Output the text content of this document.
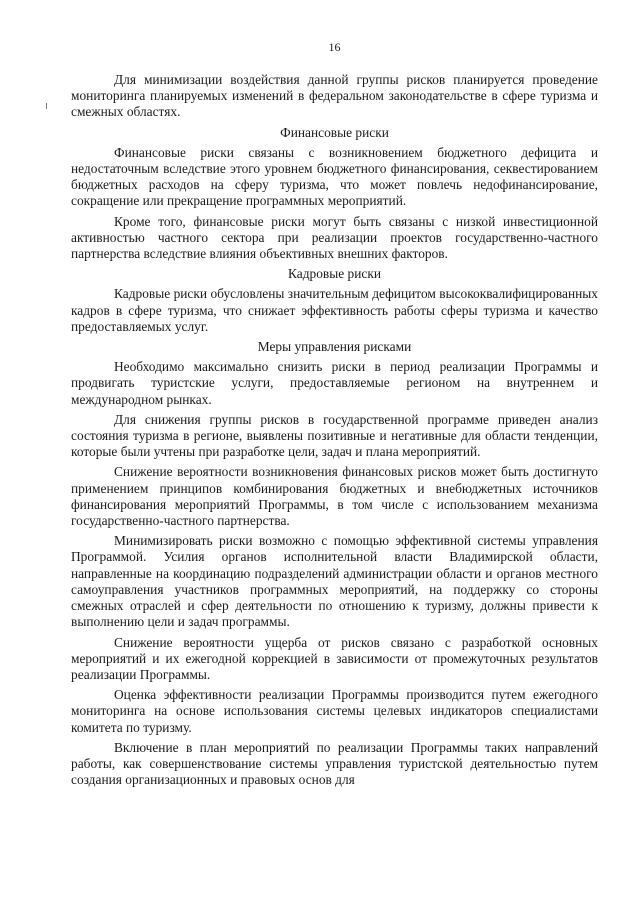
16

Для минимизации воздействия данной группы рисков планируется проведение мониторинга планируемых изменений в федеральном законодательстве в сфере туризма и смежных областях.

Финансовые риски

Финансовые риски связаны с возникновением бюджетного дефицита и недостаточным вследствие этого уровнем бюджетного финансирования, секвестированием бюджетных расходов на сферу туризма, что может повлечь недофинансирование, сокращение или прекращение программных мероприятий.

Кроме того, финансовые риски могут быть связаны с низкой инвестиционной активностью частного сектора при реализации проектов государственно-частного партнерства вследствие влияния объективных внешних факторов.

Кадровые риски

Кадровые риски обусловлены значительным дефицитом высококвалифицированных кадров в сфере туризма, что снижает эффективность работы сферы туризма и качество предоставляемых услуг.

Меры управления рисками

Необходимо максимально снизить риски в период реализации Программы и продвигать туристские услуги, предоставляемые регионом на внутреннем и международном рынках.

Для снижения группы рисков в государственной программе приведен анализ состояния туризма в регионе, выявлены позитивные и негативные для области тенденции, которые были учтены при разработке цели, задач и плана мероприятий.

Снижение вероятности возникновения финансовых рисков может быть достигнуто применением принципов комбинирования бюджетных и внебюджетных источников финансирования мероприятий Программы, в том числе с использованием механизма государственно-частного партнерства.

Минимизировать риски возможно с помощью эффективной системы управления Программой. Усилия органов исполнительной власти Владимирской области, направленные на координацию подразделений администрации области и органов местного самоуправления участников программных мероприятий, на поддержку со стороны смежных отраслей и сфер деятельности по отношению к туризму, должны привести к выполнению цели и задач программы.

Снижение вероятности ущерба от рисков связано с разработкой основных мероприятий и их ежегодной коррекцией в зависимости от промежуточных результатов реализации Программы.

Оценка эффективности реализации Программы производится путем ежегодного мониторинга на основе использования системы целевых индикаторов специалистами комитета по туризму.

Включение в план мероприятий по реализации Программы таких направлений работы, как совершенствование системы управления туристской деятельностью путем создания организационных и правовых основ для
